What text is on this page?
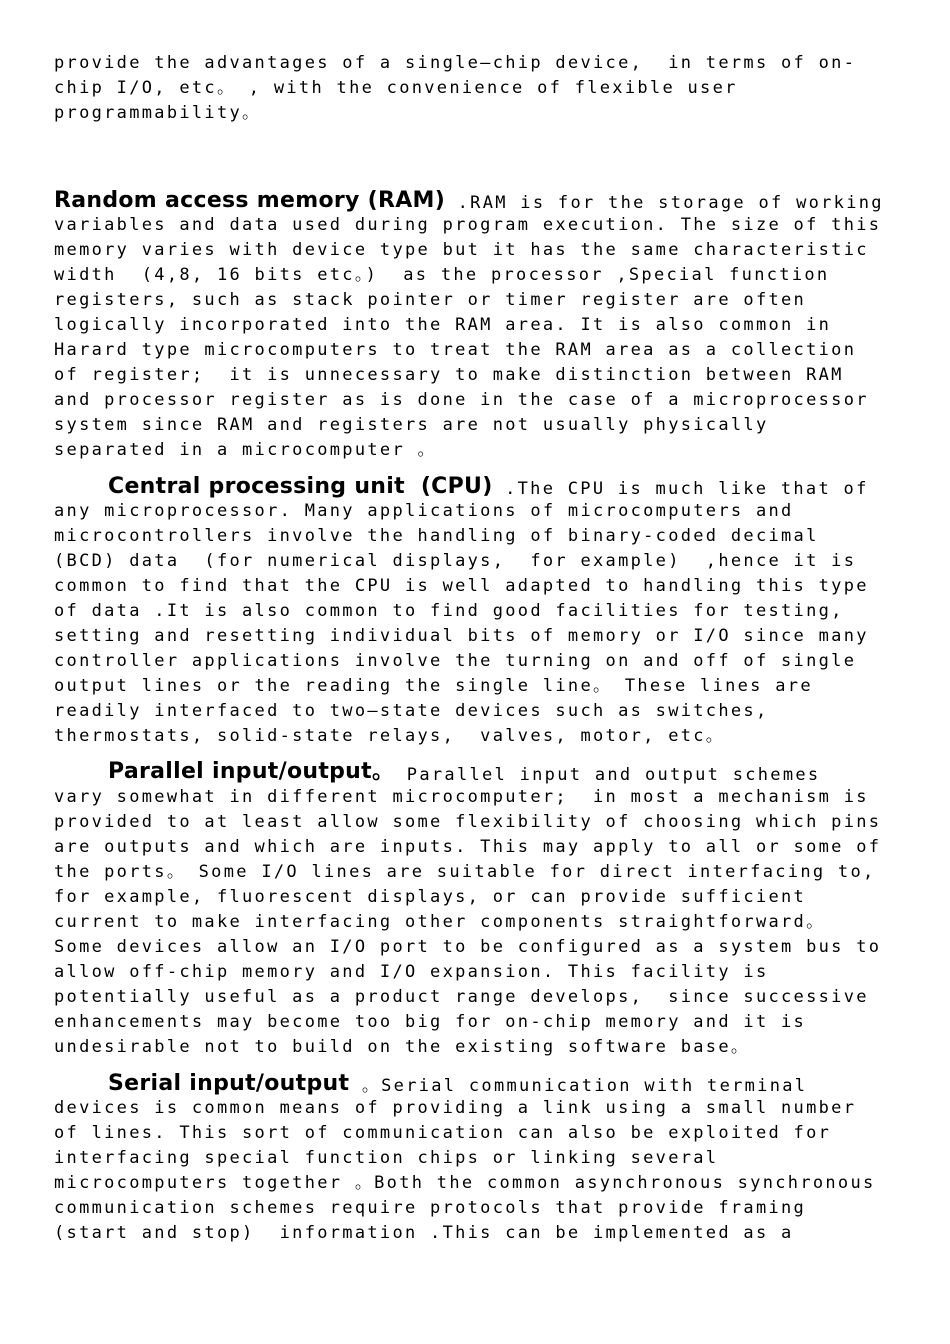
provide the advantages of a single—chip device,  in terms of on-

chip I/O, etc。 , with the convenience of flexible user

programmability。

Random access memory (RAM) .RAM is for the storage of working

variables and data used during program execution. The size of this

memory varies with device type but it has the same characteristic

width  (4,8, 16 bits etc。)  as the processor ,Special function

registers, such as stack pointer or timer register are often

logically incorporated into the RAM area. It is also common in

Harard type microcomputers to treat the RAM area as a collection

of register;  it is unnecessary to make distinction between RAM

and processor register as is done in the case of a microprocessor

system since RAM and registers are not usually physically

separated in a microcomputer 。

Central processing unit  (CPU) .The CPU is much like that of

any microprocessor. Many applications of microcomputers and

microcontrollers involve the handling of binary-coded decimal

(BCD) data  (for numerical displays,  for example)  ,hence it is

common to find that the CPU is well adapted to handling this type

of data .It is also common to find good facilities for testing,

setting and resetting individual bits of memory or I/O since many

controller applications involve the turning on and off of single

output lines or the reading the single line。 These lines are

readily interfaced to two—state devices such as switches,

thermostats, solid-state relays,  valves, motor, etc。

Parallel input/output。 Parallel input and output schemes

vary somewhat in different microcomputer;  in most a mechanism is

provided to at least allow some flexibility of choosing which pins

are outputs and which are inputs. This may apply to all or some of

the ports。 Some I/O lines are suitable for direct interfacing to,

for example, fluorescent displays, or can provide sufficient

current to make interfacing other components straightforward。

Some devices allow an I/O port to be configured as a system bus to

allow off-chip memory and I/O expansion. This facility is

potentially useful as a product range develops,  since successive

enhancements may become too big for on-chip memory and it is

undesirable not to build on the existing software base。

Serial input/output 。Serial communication with terminal

devices is common means of providing a link using a small number

of lines. This sort of communication can also be exploited for

interfacing special function chips or linking several

microcomputers together 。Both the common asynchronous synchronous

communication schemes require protocols that provide framing

(start and stop)  information .This can be implemented as a
